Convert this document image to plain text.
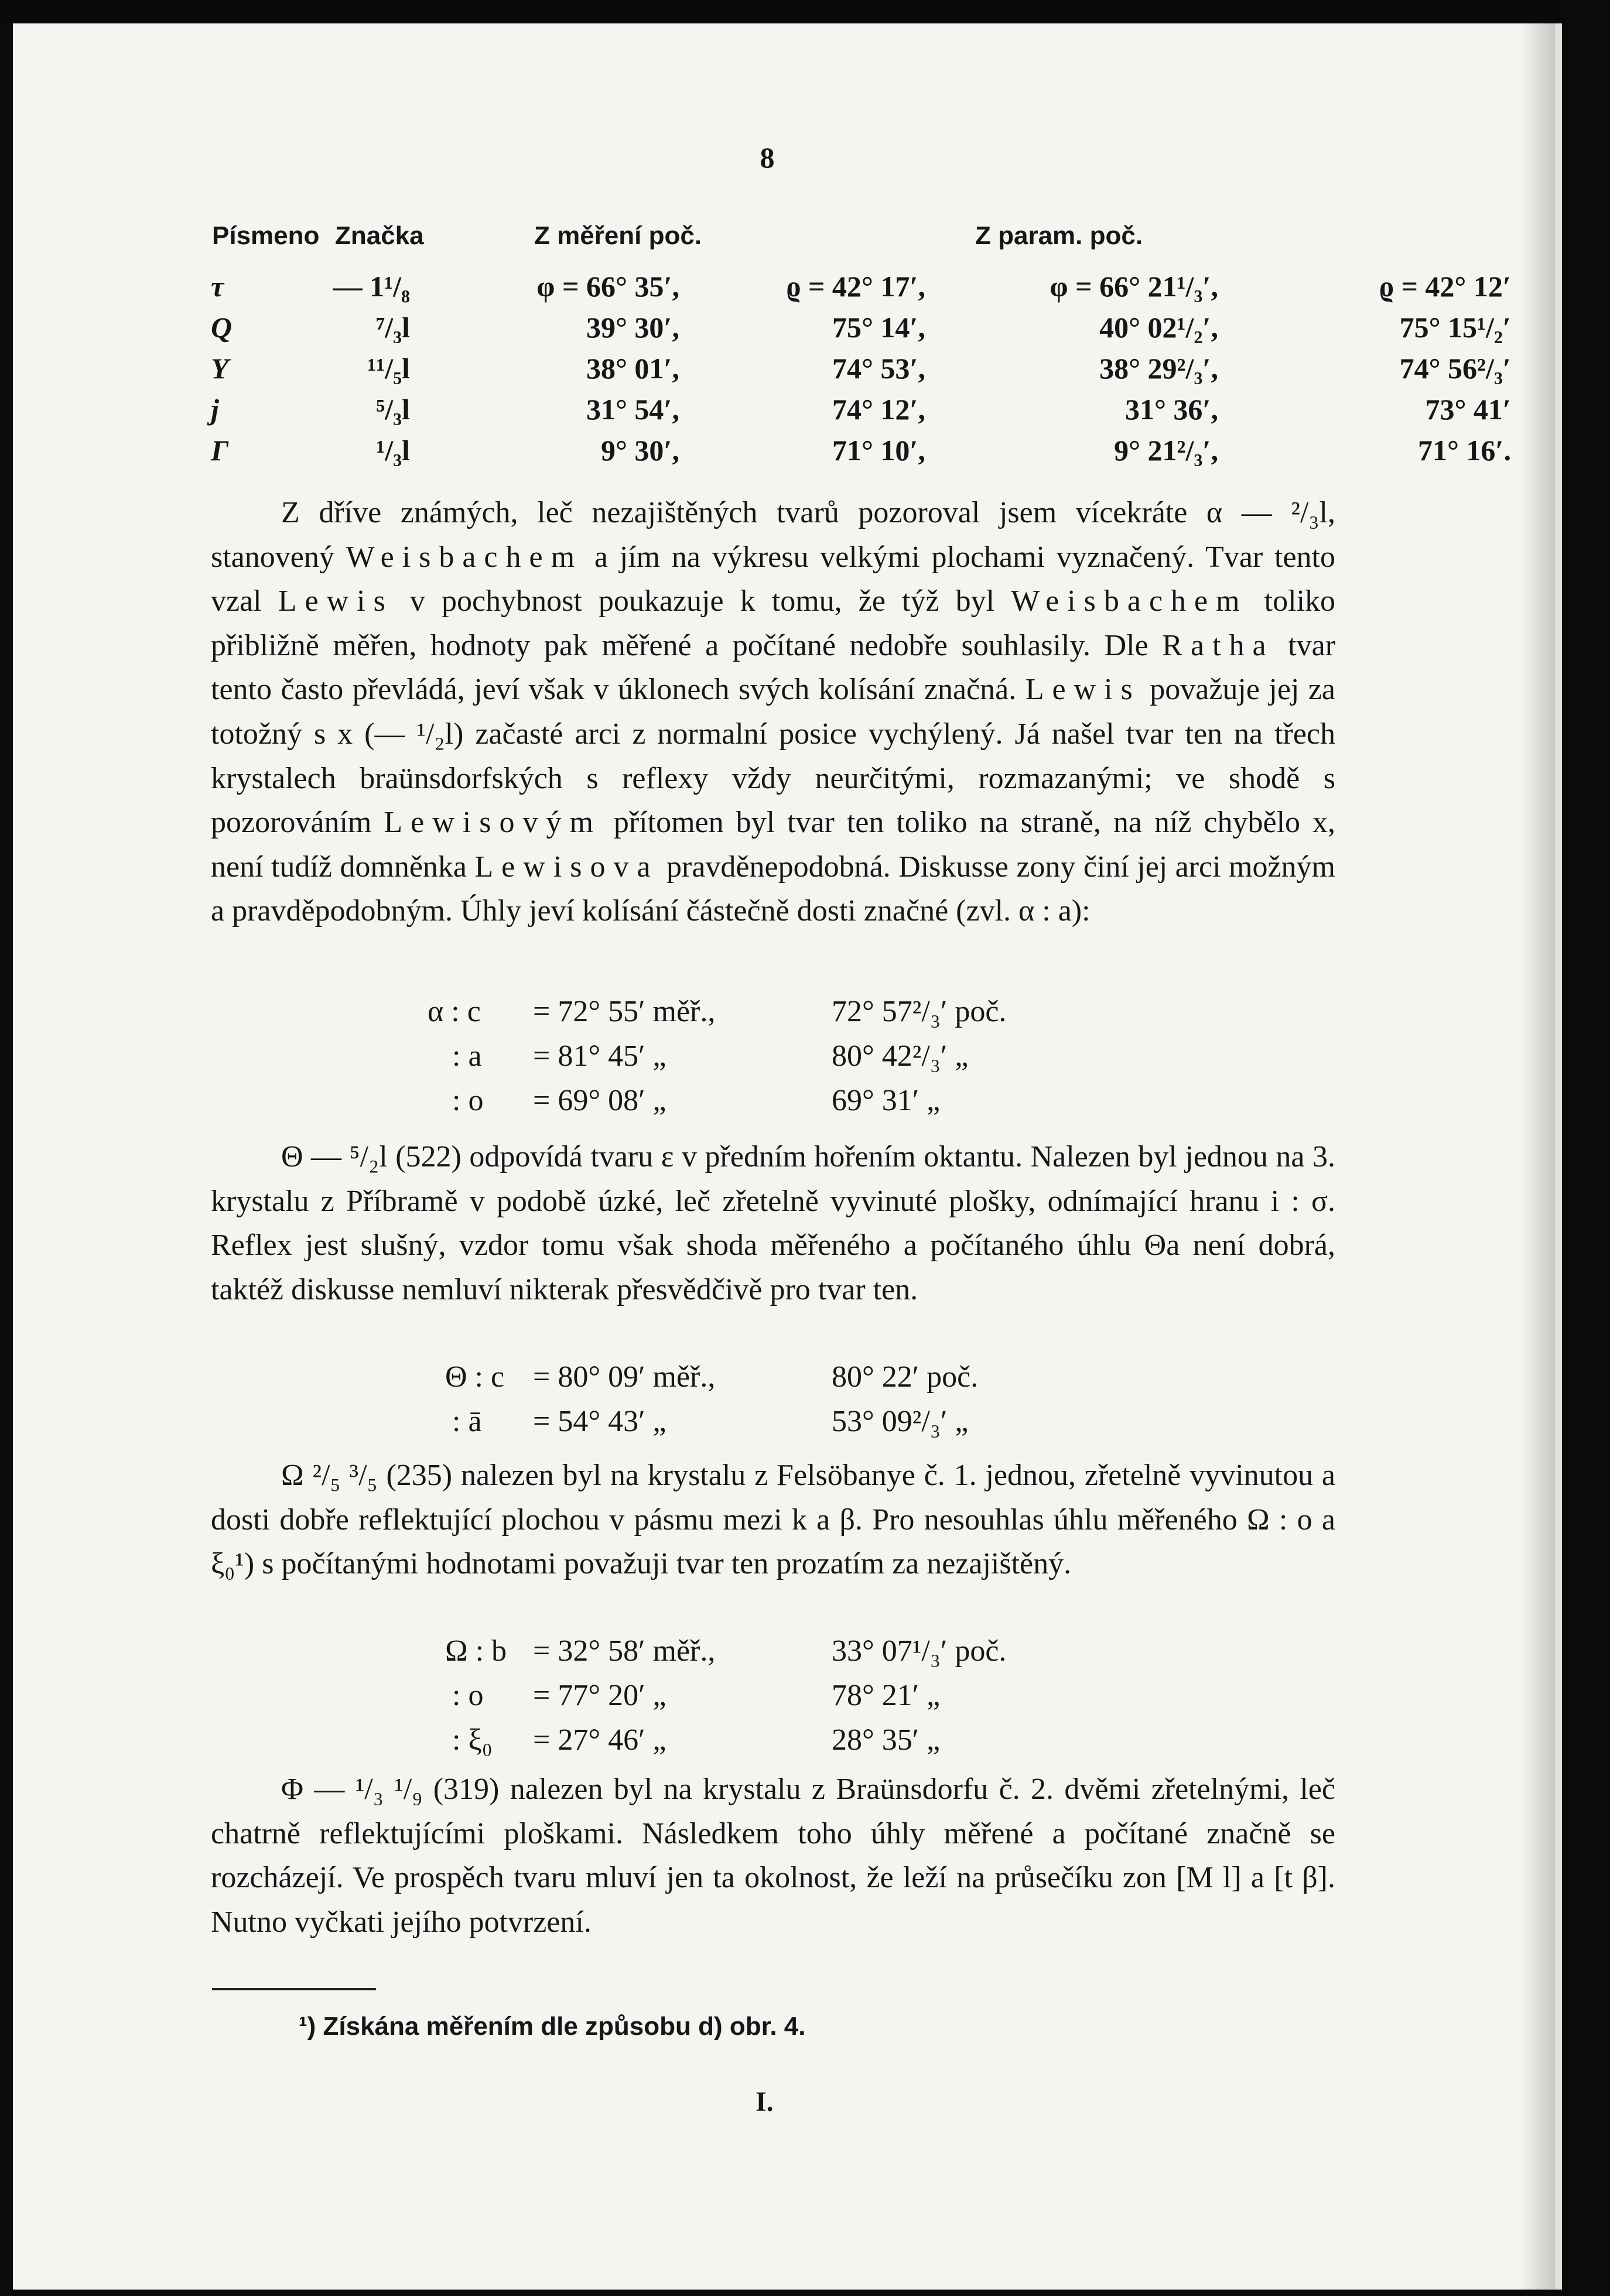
8
Písmeno Značka	Z měření poč.	Z param. poč.
τ	— 1¹/₈	φ = 66° 35′,	ϱ = 42° 17′,	φ = 66° 21¹/₃′,	ϱ = 42° 12′
Q	⁷/₃l	39° 30′,	75° 14′,	40° 02¹/₂′,	75° 15¹/₂′
Y	¹¹/₅l	38° 01′,	74° 53′,	38° 29²/₃′,	74° 56²/₃′
j	⁵/₃l	31° 54′,	74° 12′,	31° 36′,	73° 41′
Γ	¹/₃l	9° 30′,	71° 10′,	9° 21²/₃′,	71° 16′.

Z dříve známých, leč nezajištěných tvarů pozoroval jsem vícekráte α — ²/₃l, stanovený Weisbachem a jím na výkresu velkými plochami vyznačený. Tvar tento vzal Lewis v pochybnost poukazuje k tomu, že týž byl Weisbachem toliko přibližně měřen, hodnoty pak měřené a počítané nedobře souhlasily. Dle Ratha tvar tento často převládá, jeví však v úklonech svých kolísání značná. Lewis považuje jej za totožný s x (— ¹/₂l) začasté arci z normalní posice vychýlený. Já našel tvar ten na třech krystalech braünsdorfských s reflexy vždy neurčitými, rozmazanými; ve shodě s pozorováním Lewisovým přítomen byl tvar ten toliko na straně, na níž chybělo x, není tudíž domněnka Lewisova pravděnepodobná. Diskusse zony činí jej arci možným a pravděpodobným. Úhly jeví kolísání částečně dosti značné (zvl. α : a):

α : c = 72° 55′ měř.,	72° 57²/₃′ poč.
: a = 81° 45′ „	80° 42²/₃′ „
: o = 69° 08′ „	69° 31′ „

Θ — ⁵/₂l (522) odpovídá tvaru ε v předním hořením oktantu. Nalezen byl jednou na 3. krystalu z Příbramě v podobě úzké, leč zřetelně vyvinuté plošky, odnímající hranu i : σ. Reflex jest slušný, vzdor tomu však shoda měřeného a počítaného úhlu Θa není dobrá, taktéž diskusse nemluví nikterak přesvědčivě pro tvar ten.

Θ : c = 80° 09′ měř.,	80° 22′ poč.
: ā = 54° 43′ „	53° 09²/₃′ „

Ω ²/₅ ³/₅ (235) nalezen byl na krystalu z Felsöbanye č. 1. jednou, zřetelně vyvinutou a dosti dobře reflektující plochou v pásmu mezi k a β. Pro nesouhlas úhlu měřeného Ω : o a ξ₀¹) s počítanými hodnotami považuji tvar ten prozatím za nezajištěný.

Ω : b = 32° 58′ měř.,	33° 07¹/₃′ poč.
: o = 77° 20′ „	78° 21′ „
: ξ₀ = 27° 46′ „	28° 35′ „

Φ — ¹/₃ ¹/₉ (319) nalezen byl na krystalu z Braünsdorfu č. 2. dvěmi zřetelnými, leč chatrně reflektujícími ploškami. Následkem toho úhly měřené a počítané značně se rozcházejí. Ve prospěch tvaru mluví jen ta okolnost, že leží na průsečíku zon [M l] a [t β]. Nutno vyčkati jejího potvrzení.

¹) Získána měřením dle způsobu d) obr. 4.
I.
